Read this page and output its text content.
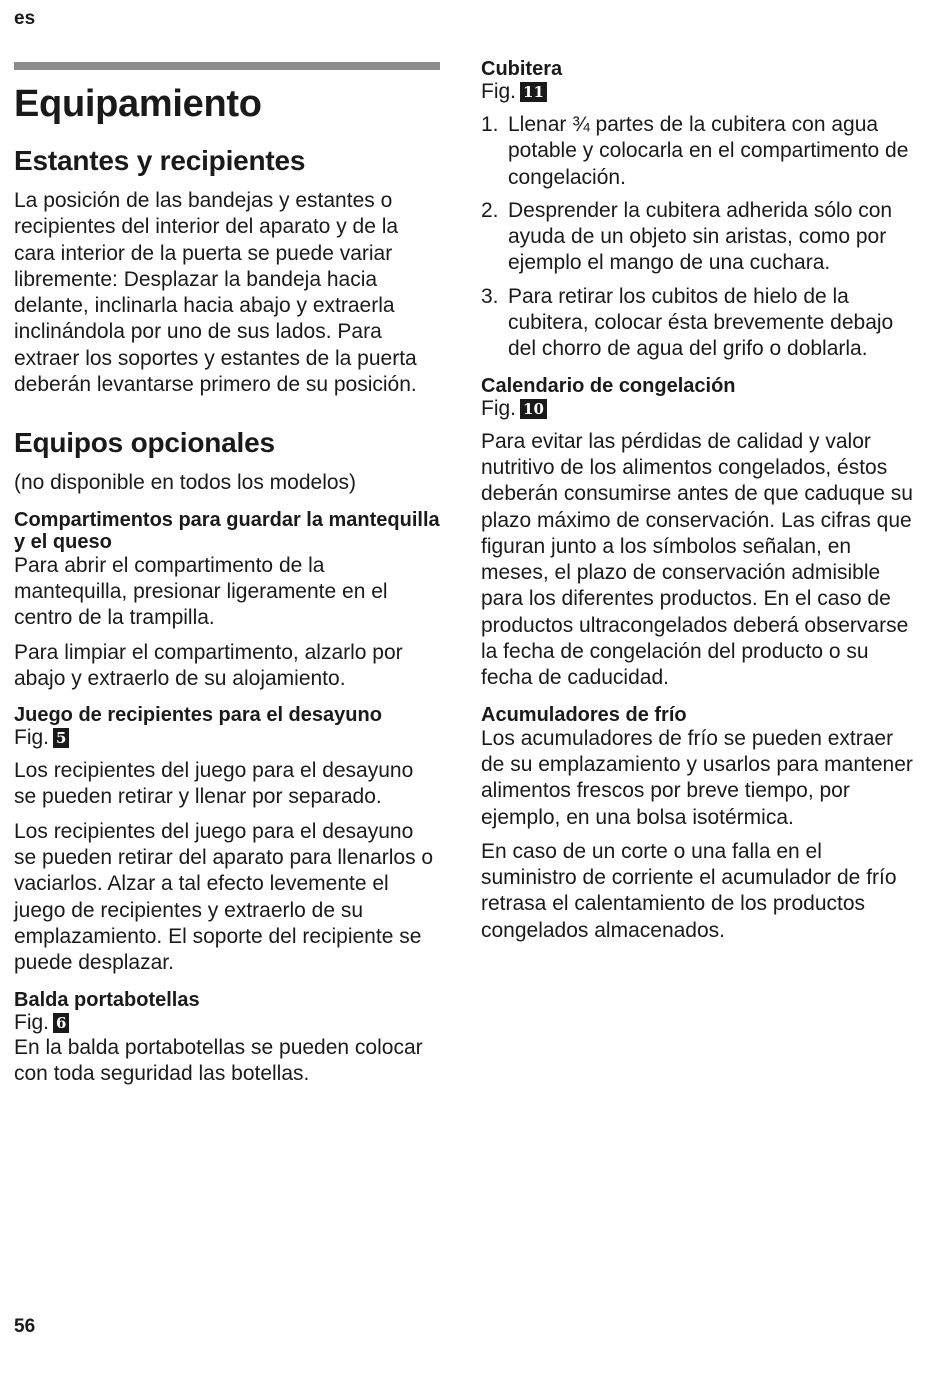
es
Equipamiento
Estantes y recipientes

La posición de las bandejas y estantes o recipientes del interior del aparato y de la cara interior de la puerta se puede variar libremente: Desplazar la bandeja hacia delante, inclinarla hacia abajo y extraerla inclinándola por uno de sus lados. Para extraer los soportes y estantes de la puerta deberán levantarse primero de su posición.

Equipos opcionales

(no disponible en todos los modelos)

Compartimentos para guardar la mantequilla y el queso

Para abrir el compartimento de la mantequilla, presionar ligeramente en el centro de la trampilla.

Para limpiar el compartimento, alzarlo por abajo y extraerlo de su alojamiento.

Juego de recipientes para el desayuno
Fig. 5

Los recipientes del juego para el desayuno se pueden retirar y llenar por separado.

Los recipientes del juego para el desayuno se pueden retirar del aparato para llenarlos o vaciarlos. Alzar a tal efecto levemente el juego de recipientes y extraerlo de su emplazamiento. El soporte del recipiente se puede desplazar.

Balda portabotellas
Fig. 6

En la balda portabotellas se pueden colocar con toda seguridad las botellas.

Cubitera
Fig. 11
1. Llenar ¾ partes de la cubitera con agua potable y colocarla en el compartimento de congelación.
2. Desprender la cubitera adherida sólo con ayuda de un objeto sin aristas, como por ejemplo el mango de una cuchara.
3. Para retirar los cubitos de hielo de la cubitera, colocar ésta brevemente debajo del chorro de agua del grifo o doblarla.
Calendario de congelación
Fig. 10

Para evitar las pérdidas de calidad y valor nutritivo de los alimentos congelados, éstos deberán consumirse antes de que caduque su plazo máximo de conservación. Las cifras que figuran junto a los símbolos señalan, en meses, el plazo de conservación admisible para los diferentes productos. En el caso de productos ultracongelados deberá observarse la fecha de congelación del producto o su fecha de caducidad.

Acumuladores de frío

Los acumuladores de frío se pueden extraer de su emplazamiento y usarlos para mantener alimentos frescos por breve tiempo, por ejemplo, en una bolsa isotérmica.

En caso de un corte o una falla en el suministro de corriente el acumulador de frío retrasa el calentamiento de los productos congelados almacenados.

56
